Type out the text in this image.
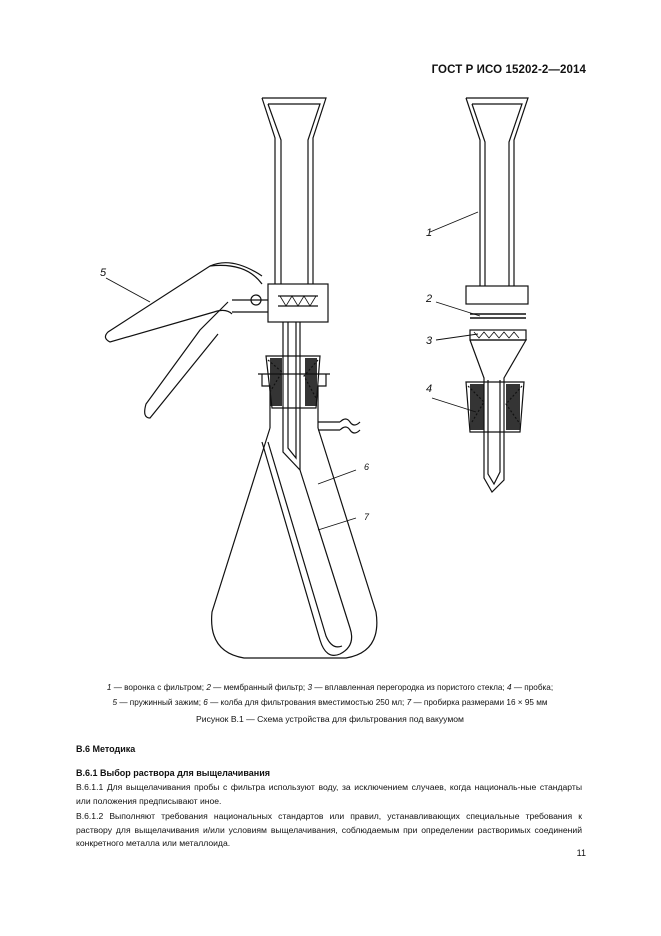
ГОСТ Р ИСО 15202-2—2014
1
2
3
4
5
6
7
1 — воронка с фильтром; 2 — мембранный фильтр; 3 — вплавленная перегородка из пористого стекла; 4 — пробка;
5 — пружинный зажим; 6 — колба для фильтрования вместимостью 250 мл; 7 — пробирка размерами 16 × 95 мм
Рисунок В.1 — Схема устройства для фильтрования под вакуумом
В.6 Методика
В.6.1 Выбор раствора для выщелачивания
В.6.1.1 Для выщелачивания пробы с фильтра используют воду, за исключением случаев, когда националь-ные стандарты или положения предписывают иное.
В.6.1.2 Выполняют требования национальных стандартов или правил, устанавливающих специальные требования к раствору для выщелачивания и/или условиям выщелачивания, соблюдаемым при определении растворимых соединений конкретного металла или металлоида.
11
